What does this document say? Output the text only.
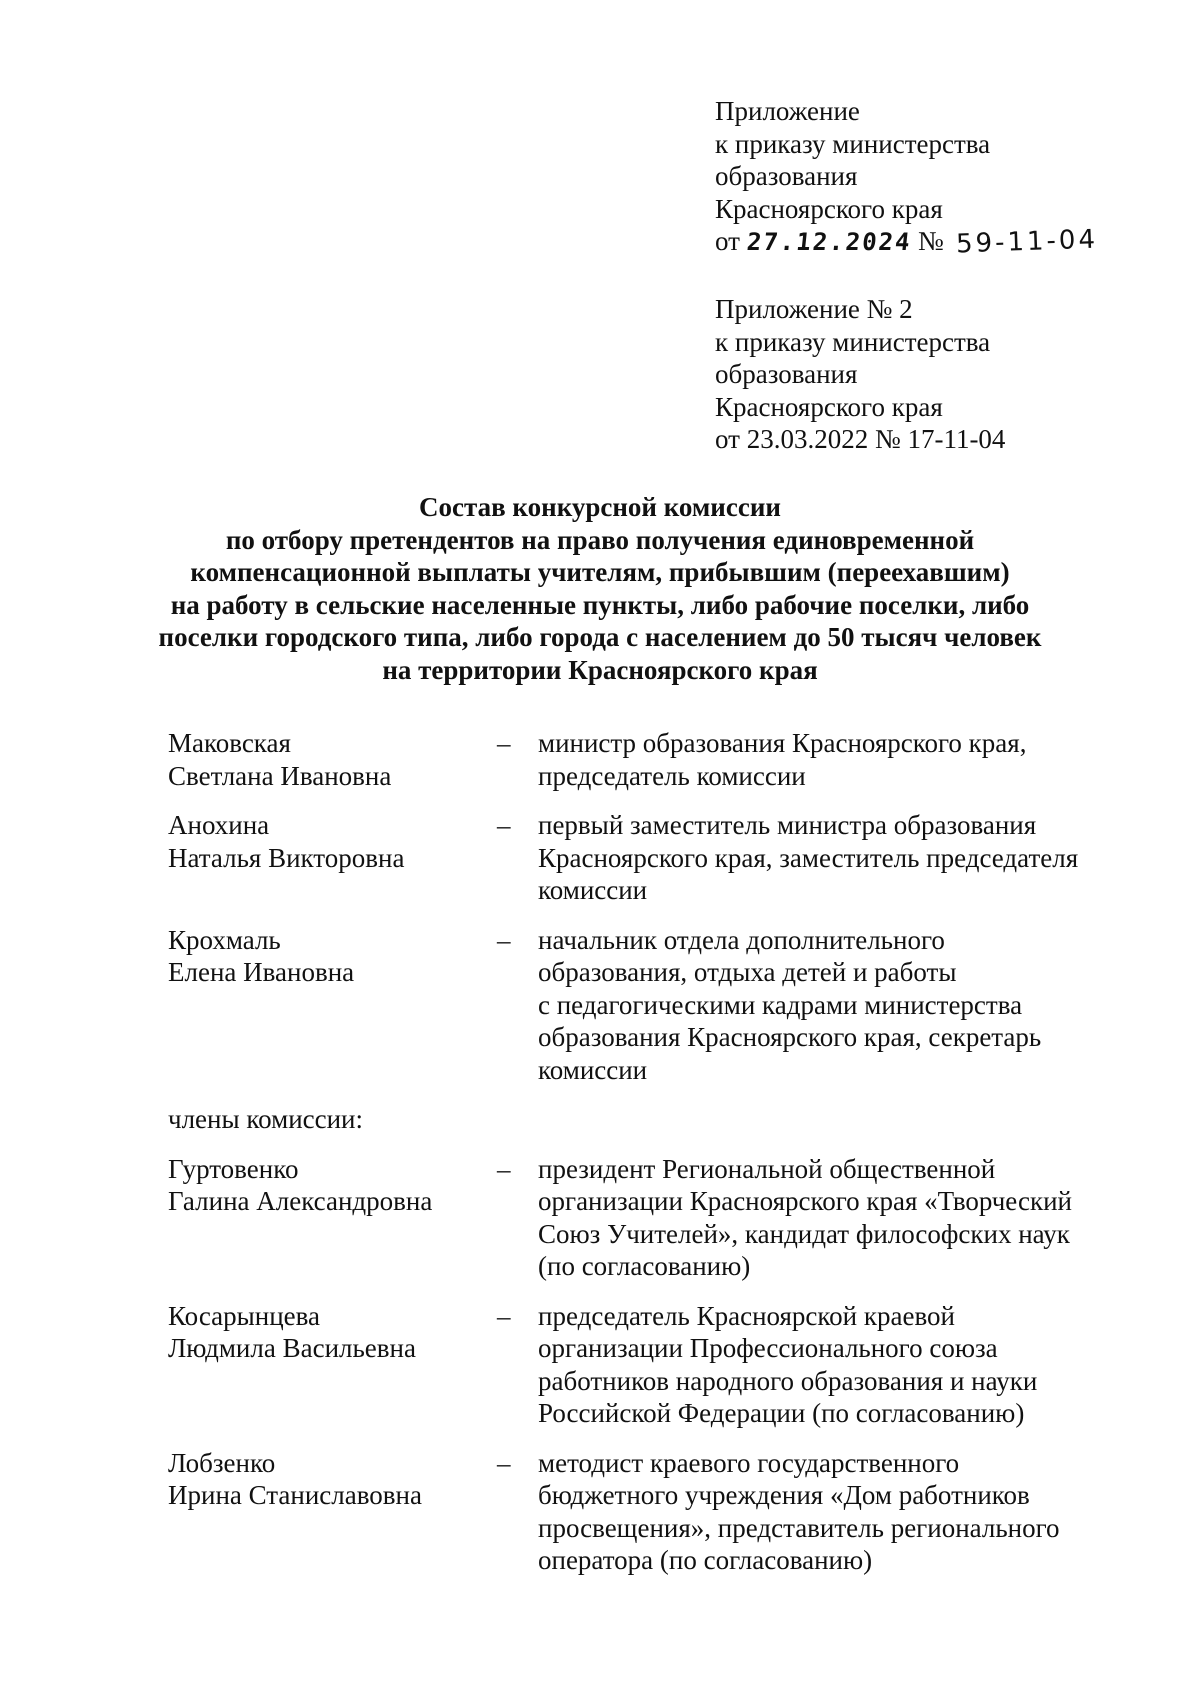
Приложение
к приказу министерства
образования
Красноярского края
от 27.12.2024 № 59-11-04
Приложение № 2
к приказу министерства
образования
Красноярского края
от 23.03.2022 № 17-11-04
Состав конкурсной комиссии
по отбору претендентов на право получения единовременной
компенсационной выплаты учителям, прибывшим (переехавшим)
на работу в сельские населенные пункты, либо рабочие поселки, либо
поселки городского типа, либо города с населением до 50 тысяч человек
на территории Красноярского края
Маковская
Светлана Ивановна
– министр образования Красноярского края,
председатель комиссии
Анохина
Наталья Викторовна
– первый заместитель министра образования
Красноярского края, заместитель председателя
комиссии
Крохмаль
Елена Ивановна
– начальник отдела дополнительного
образования, отдыха детей и работы
с педагогическими кадрами министерства
образования Красноярского края, секретарь
комиссии
члены комиссии:
Гуртовенко
Галина Александровна
– президент Региональной общественной
организации Красноярского края «Творческий
Союз Учителей», кандидат философских наук
(по согласованию)
Косарынцева
Людмила Васильевна
– председатель Красноярской краевой
организации Профессионального союза
работников народного образования и науки
Российской Федерации (по согласованию)
Лобзенко
Ирина Станиславовна
– методист краевого государственного
бюджетного учреждения «Дом работников
просвещения», представитель регионального
оператора (по согласованию)
